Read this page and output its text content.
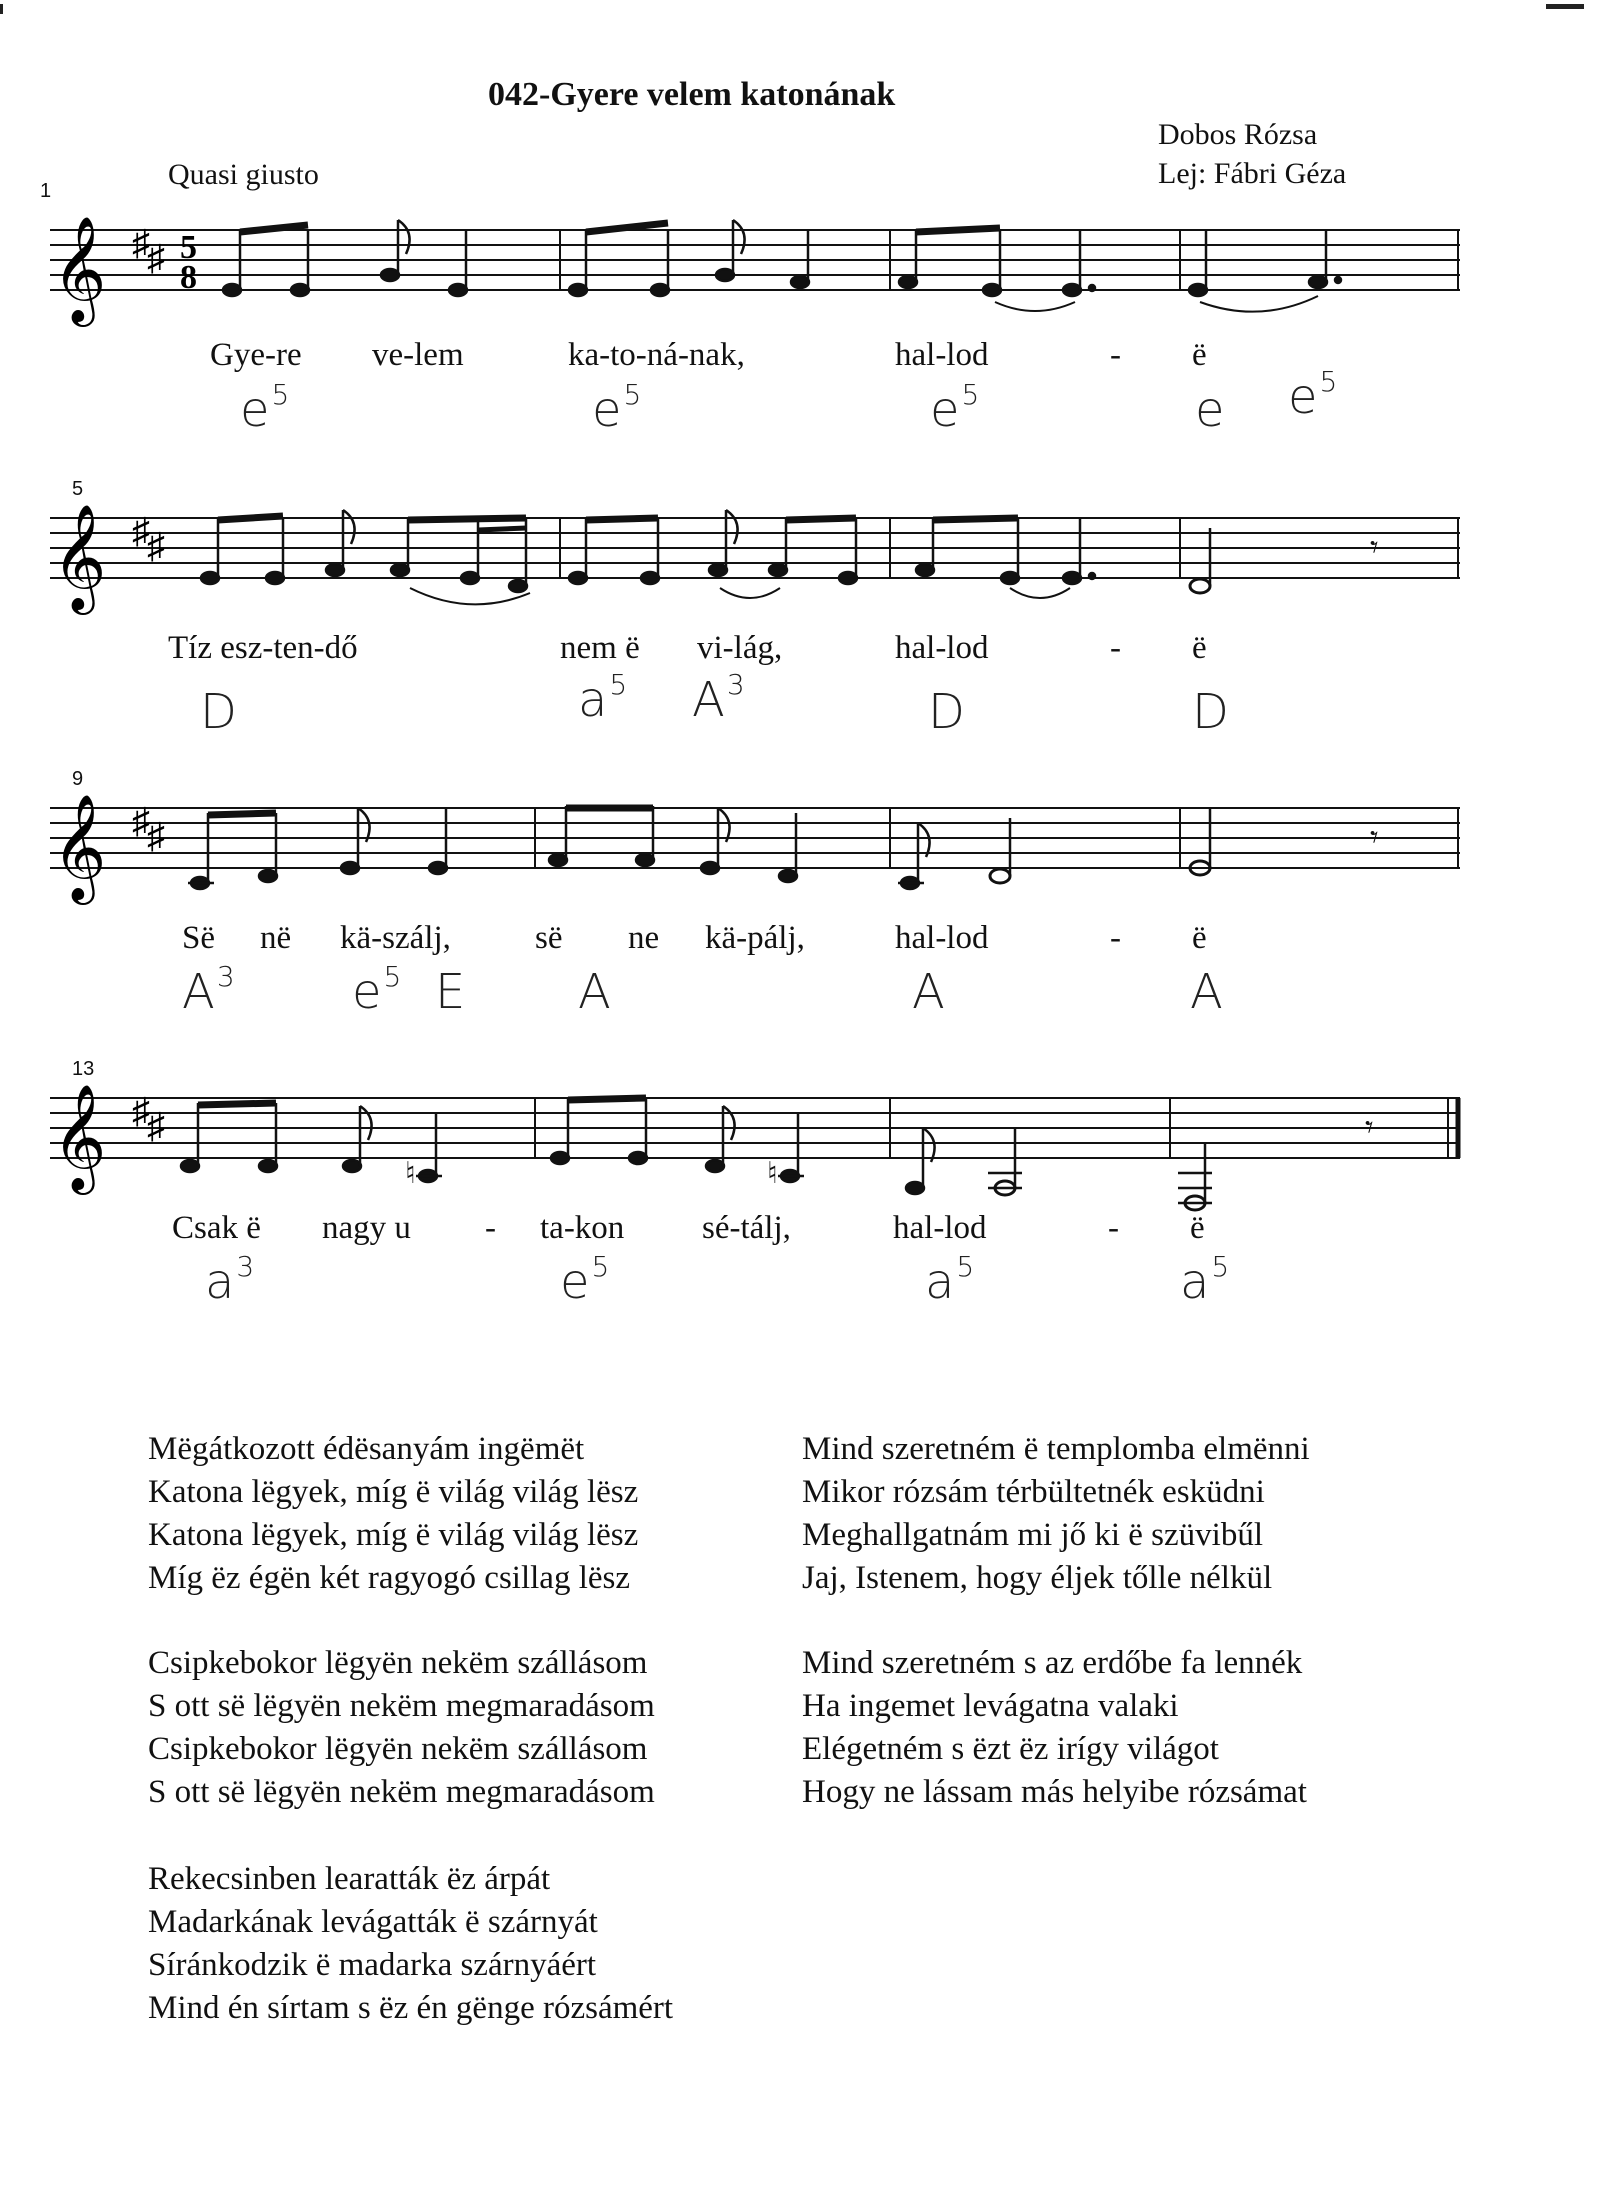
042-Gyere velem katonának
Dobos Rózsa
Lej: Fábri Géza
Quasi giusto
1
𝄞 ♯
♯ 5
8
Gye-re ve-lem	ka-to-ná-nak,	hal-lod	- ë
$e^5$	$e^5$	$e^5$	e $e^5$
5
𝄞 ♯
♯	𝄾
Tíz esz-ten-dő	nem ë vi-lág,	hal-lod	- ë
D	$a^5$ $A^3$	D	D
9
𝄞 ♯
♯	𝄾
Së në kä-szálj,	së ne kä-pálj,	hal-lod	- ë
$A^3$ $e^5$ E A	A	A
13
𝄞 ♯
♯
♮	♮
𝄾
Csak ë nagy u - ta-kon sé-tálj,	hal-lod	- ë
$a^3$	$e^5$	$a^5$	$a^5$
Mëgátkozott édësanyám ingëmët
Katona lëgyek, míg ë világ világ lësz
Katona lëgyek, míg ë világ világ lësz
Míg ëz égën két ragyogó csillag lësz
Csipkebokor lëgyën nekëm szállásom
S ott së lëgyën nekëm megmaradásom
Csipkebokor lëgyën nekëm szállásom
S ott së lëgyën nekëm megmaradásom
Rekecsinben learatták ëz árpát
Madarkának levágatták ë szárnyát
Síránkodzik ë madarka szárnyáért
Mind én sírtam s ëz én gënge rózsámért
Mind szeretném ë templomba elmënni
Mikor rózsám térbültetnék esküdni
Meghallgatnám mi jő ki ë szüvibűl
Jaj, Istenem, hogy éljek tőlle nélkül
Mind szeretném s az erdőbe fa lennék
Ha ingemet levágatna valaki
Elégetném s ëzt ëz irígy világot
Hogy ne lássam más helyibe rózsámat
